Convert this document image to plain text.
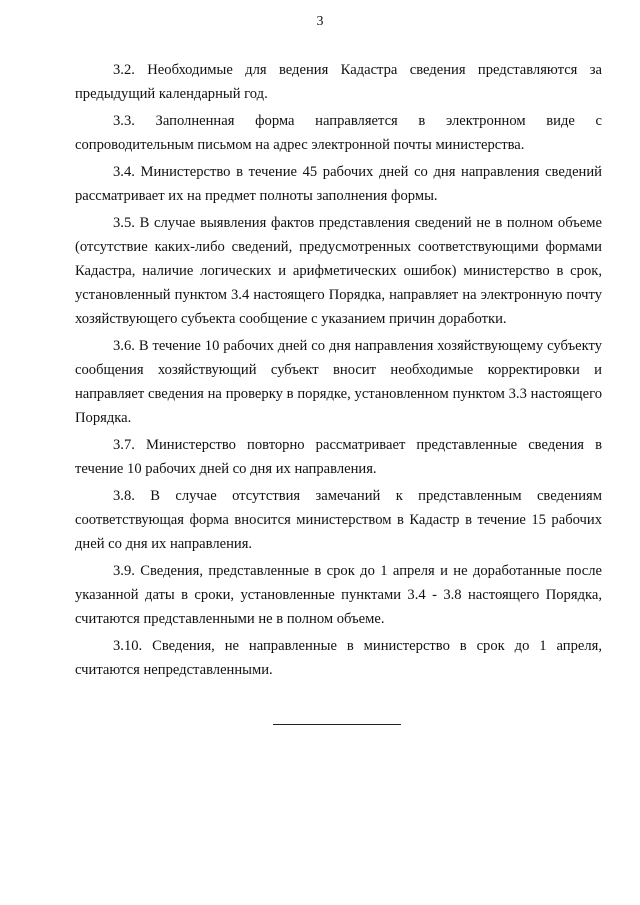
3

3.2. Необходимые для ведения Кадастра сведения представляются за предыдущий календарный год.

3.3. Заполненная форма направляется в электронном виде с сопроводительным письмом на адрес электронной почты министерства.

3.4. Министерство в течение 45 рабочих дней со дня направления сведений рассматривает их на предмет полноты заполнения формы.

3.5. В случае выявления фактов представления сведений не в полном объеме (отсутствие каких-либо сведений, предусмотренных соответствующими формами Кадастра, наличие логических и арифметических ошибок) министерство в срок, установленный пунктом 3.4 настоящего Порядка, направляет на электронную почту хозяйствующего субъекта сообщение с указанием причин доработки.

3.6. В течение 10 рабочих дней со дня направления хозяйствующему субъекту сообщения хозяйствующий субъект вносит необходимые корректировки и направляет сведения на проверку в порядке, установленном пунктом 3.3 настоящего Порядка.

3.7. Министерство повторно рассматривает представленные сведения в течение 10 рабочих дней со дня их направления.

3.8. В случае отсутствия замечаний к представленным сведениям соответствующая форма вносится министерством в Кадастр в течение 15 рабочих дней со дня их направления.

3.9. Сведения, представленные в срок до 1 апреля и не доработанные после указанной даты в сроки, установленные пунктами 3.4 - 3.8 настоящего Порядка, считаются представленными не в полном объеме.

3.10. Сведения, не направленные в министерство в срок до 1 апреля, считаются непредставленными.
